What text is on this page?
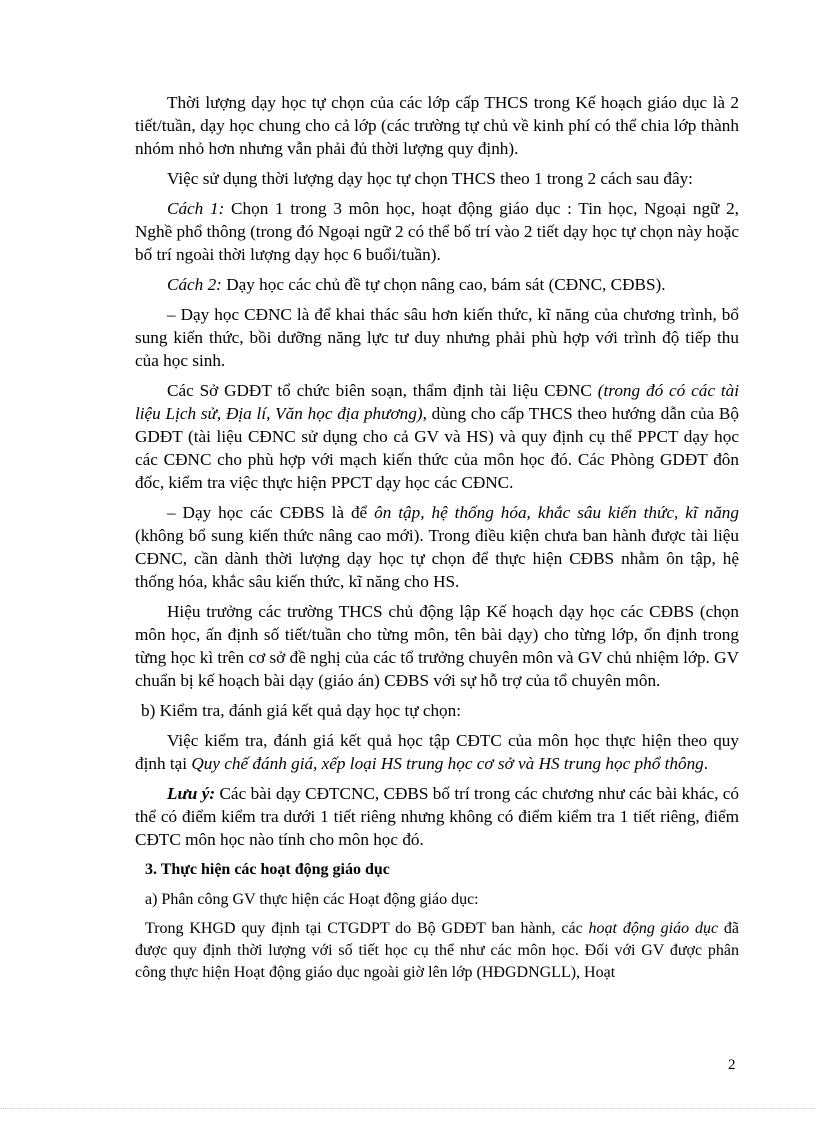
Thời lượng dạy học tự chọn của các lớp cấp THCS trong Kế hoạch giáo dục là 2 tiết/tuần, dạy học chung cho cả lớp (các trường tự chủ về kinh phí có thể chia lớp thành nhóm nhỏ hơn nhưng vẫn phải đủ thời lượng quy định).

Việc sử dụng thời lượng dạy học tự chọn THCS theo 1 trong 2 cách sau đây:

Cách 1: Chọn 1 trong 3 môn học, hoạt động giáo dục : Tin học, Ngoại ngữ 2, Nghề phổ thông (trong đó Ngoại ngữ 2 có thể bố trí vào 2 tiết dạy học tự chọn này hoặc bố trí ngoài thời lượng dạy học 6 buổi/tuần).

Cách 2: Dạy học các chủ đề tự chọn nâng cao, bám sát (CĐNC, CĐBS).

– Dạy học CĐNC là để khai thác sâu hơn kiến thức, kĩ năng của chương trình, bổ sung kiến thức, bồi dưỡng năng lực tư duy nhưng phải phù hợp với trình độ tiếp thu của học sinh.

Các Sở GDĐT tổ chức biên soạn, thẩm định tài liệu CĐNC (trong đó có các tài liệu Lịch sử, Địa lí, Văn học địa phương), dùng cho cấp THCS theo hướng dẫn của Bộ GDĐT (tài liệu CĐNC sử dụng cho cả GV và HS) và quy định cụ thể PPCT dạy học các CĐNC cho phù hợp với mạch kiến thức của môn học đó. Các Phòng GDĐT đôn đốc, kiểm tra việc thực hiện PPCT dạy học các CĐNC.

– Dạy học các CĐBS là để ôn tập, hệ thống hóa, khắc sâu kiến thức, kĩ năng (không bổ sung kiến thức nâng cao mới). Trong điều kiện chưa ban hành được tài liệu CĐNC, cần dành thời lượng dạy học tự chọn để thực hiện CĐBS nhằm ôn tập, hệ thống hóa, khắc sâu kiến thức, kĩ năng cho HS.

Hiệu trưởng các trường THCS chủ động lập Kế hoạch dạy học các CĐBS (chọn môn học, ấn định số tiết/tuần cho từng môn, tên bài dạy) cho từng lớp, ổn định trong từng học kì trên cơ sở đề nghị của các tổ trưởng chuyên môn và GV chủ nhiệm lớp. GV chuẩn bị kế hoạch bài dạy (giáo án) CĐBS với sự hỗ trợ của tổ chuyên môn.

b) Kiểm tra, đánh giá kết quả dạy học tự chọn:

Việc kiểm tra, đánh giá kết quả học tập CĐTC của môn học thực hiện theo quy định tại Quy chế đánh giá, xếp loại HS trung học cơ sở và HS trung học phổ thông.

Lưu ý: Các bài dạy CĐTCNC, CĐBS bố trí trong các chương như các bài khác, có thể có điểm kiểm tra dưới 1 tiết riêng nhưng không có điểm kiểm tra 1 tiết riêng, điểm CĐTC môn học nào tính cho môn học đó.

3. Thực hiện các hoạt động giáo dục

a) Phân công GV thực hiện các Hoạt động giáo dục:

Trong KHGD quy định tại CTGDPT do Bộ GDĐT ban hành, các hoạt động giáo dục đã được quy định thời lượng với số tiết học cụ thể như các môn học. Đối với GV được phân công thực hiện Hoạt động giáo dục ngoài giờ lên lớp (HĐGDNGLL), Hoạt

2
